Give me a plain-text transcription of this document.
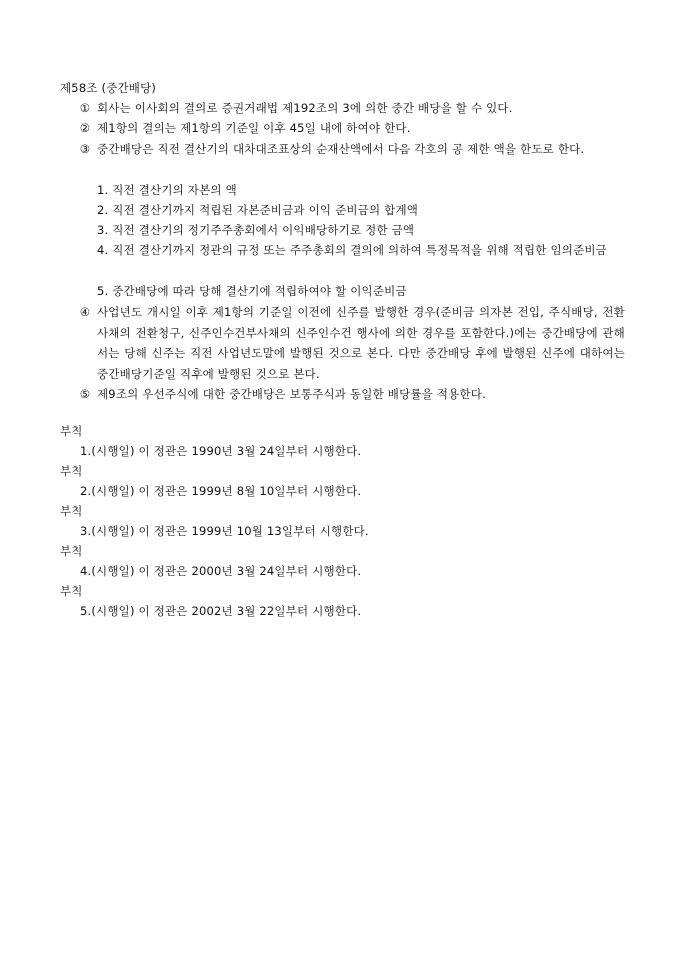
제58조 (중간배당)
① 회사는 이사회의 결의로 증권거래법 제192조의 3에 의한 중간 배당을 할 수 있다.
② 제1항의 결의는 제1항의 기준일 이후 45일 내에 하여야 한다.
③ 중간배당은 직전 결산기의 대차대조표상의 순재산액에서 다음 각호의 공 제한 액을 한도로 한다.
1. 직전 결산기의 자본의 액
2. 직전 결산기까지 적립된 자본준비금과 이익 준비금의 합계액
3. 직전 결산기의 정기주주총회에서 이익배당하기로 정한 금액
4. 직전 결산기까지 정관의 규정 또는 주주총회의 결의에 의하여 특정목적을 위해 적립한 임의준비금
5. 중간배당에 따라 당해 결산기에 적립하여야 할 이익준비금
④ 사업년도 개시일 이후 제1항의 기준일 이전에 신주를 발행한 경우(준비금 의자본 전입, 주식배당, 전환사채의 전환청구, 신주인수건부사채의 신주인수건 행사에 의한 경우를 포함한다.)에는 중간배당에 관해서는 당해 신주는 직전 사업년도말에 발행된 것으로 본다. 다만 중간배당 후에 발행된 신주에 대하여는 중간배당기준일 직후에 발행된 것으로 본다.
⑤ 제9조의 우선주식에 대한 중간배당은 보통주식과 동일한 배당률을 적용한다.
부칙
1.(시행일) 이 정관은 1990년 3월 24일부터 시행한다.
부칙
2.(시행일) 이 정관은 1999년 8월 10일부터 시행한다.
부칙
3.(시행일) 이 정관은 1999년 10월 13일부터 시행한다.
부칙
4.(시행일) 이 정관은 2000년 3월 24일부터 시행한다.
부칙
5.(시행일) 이 정관은 2002년 3월 22일부터 시행한다.
